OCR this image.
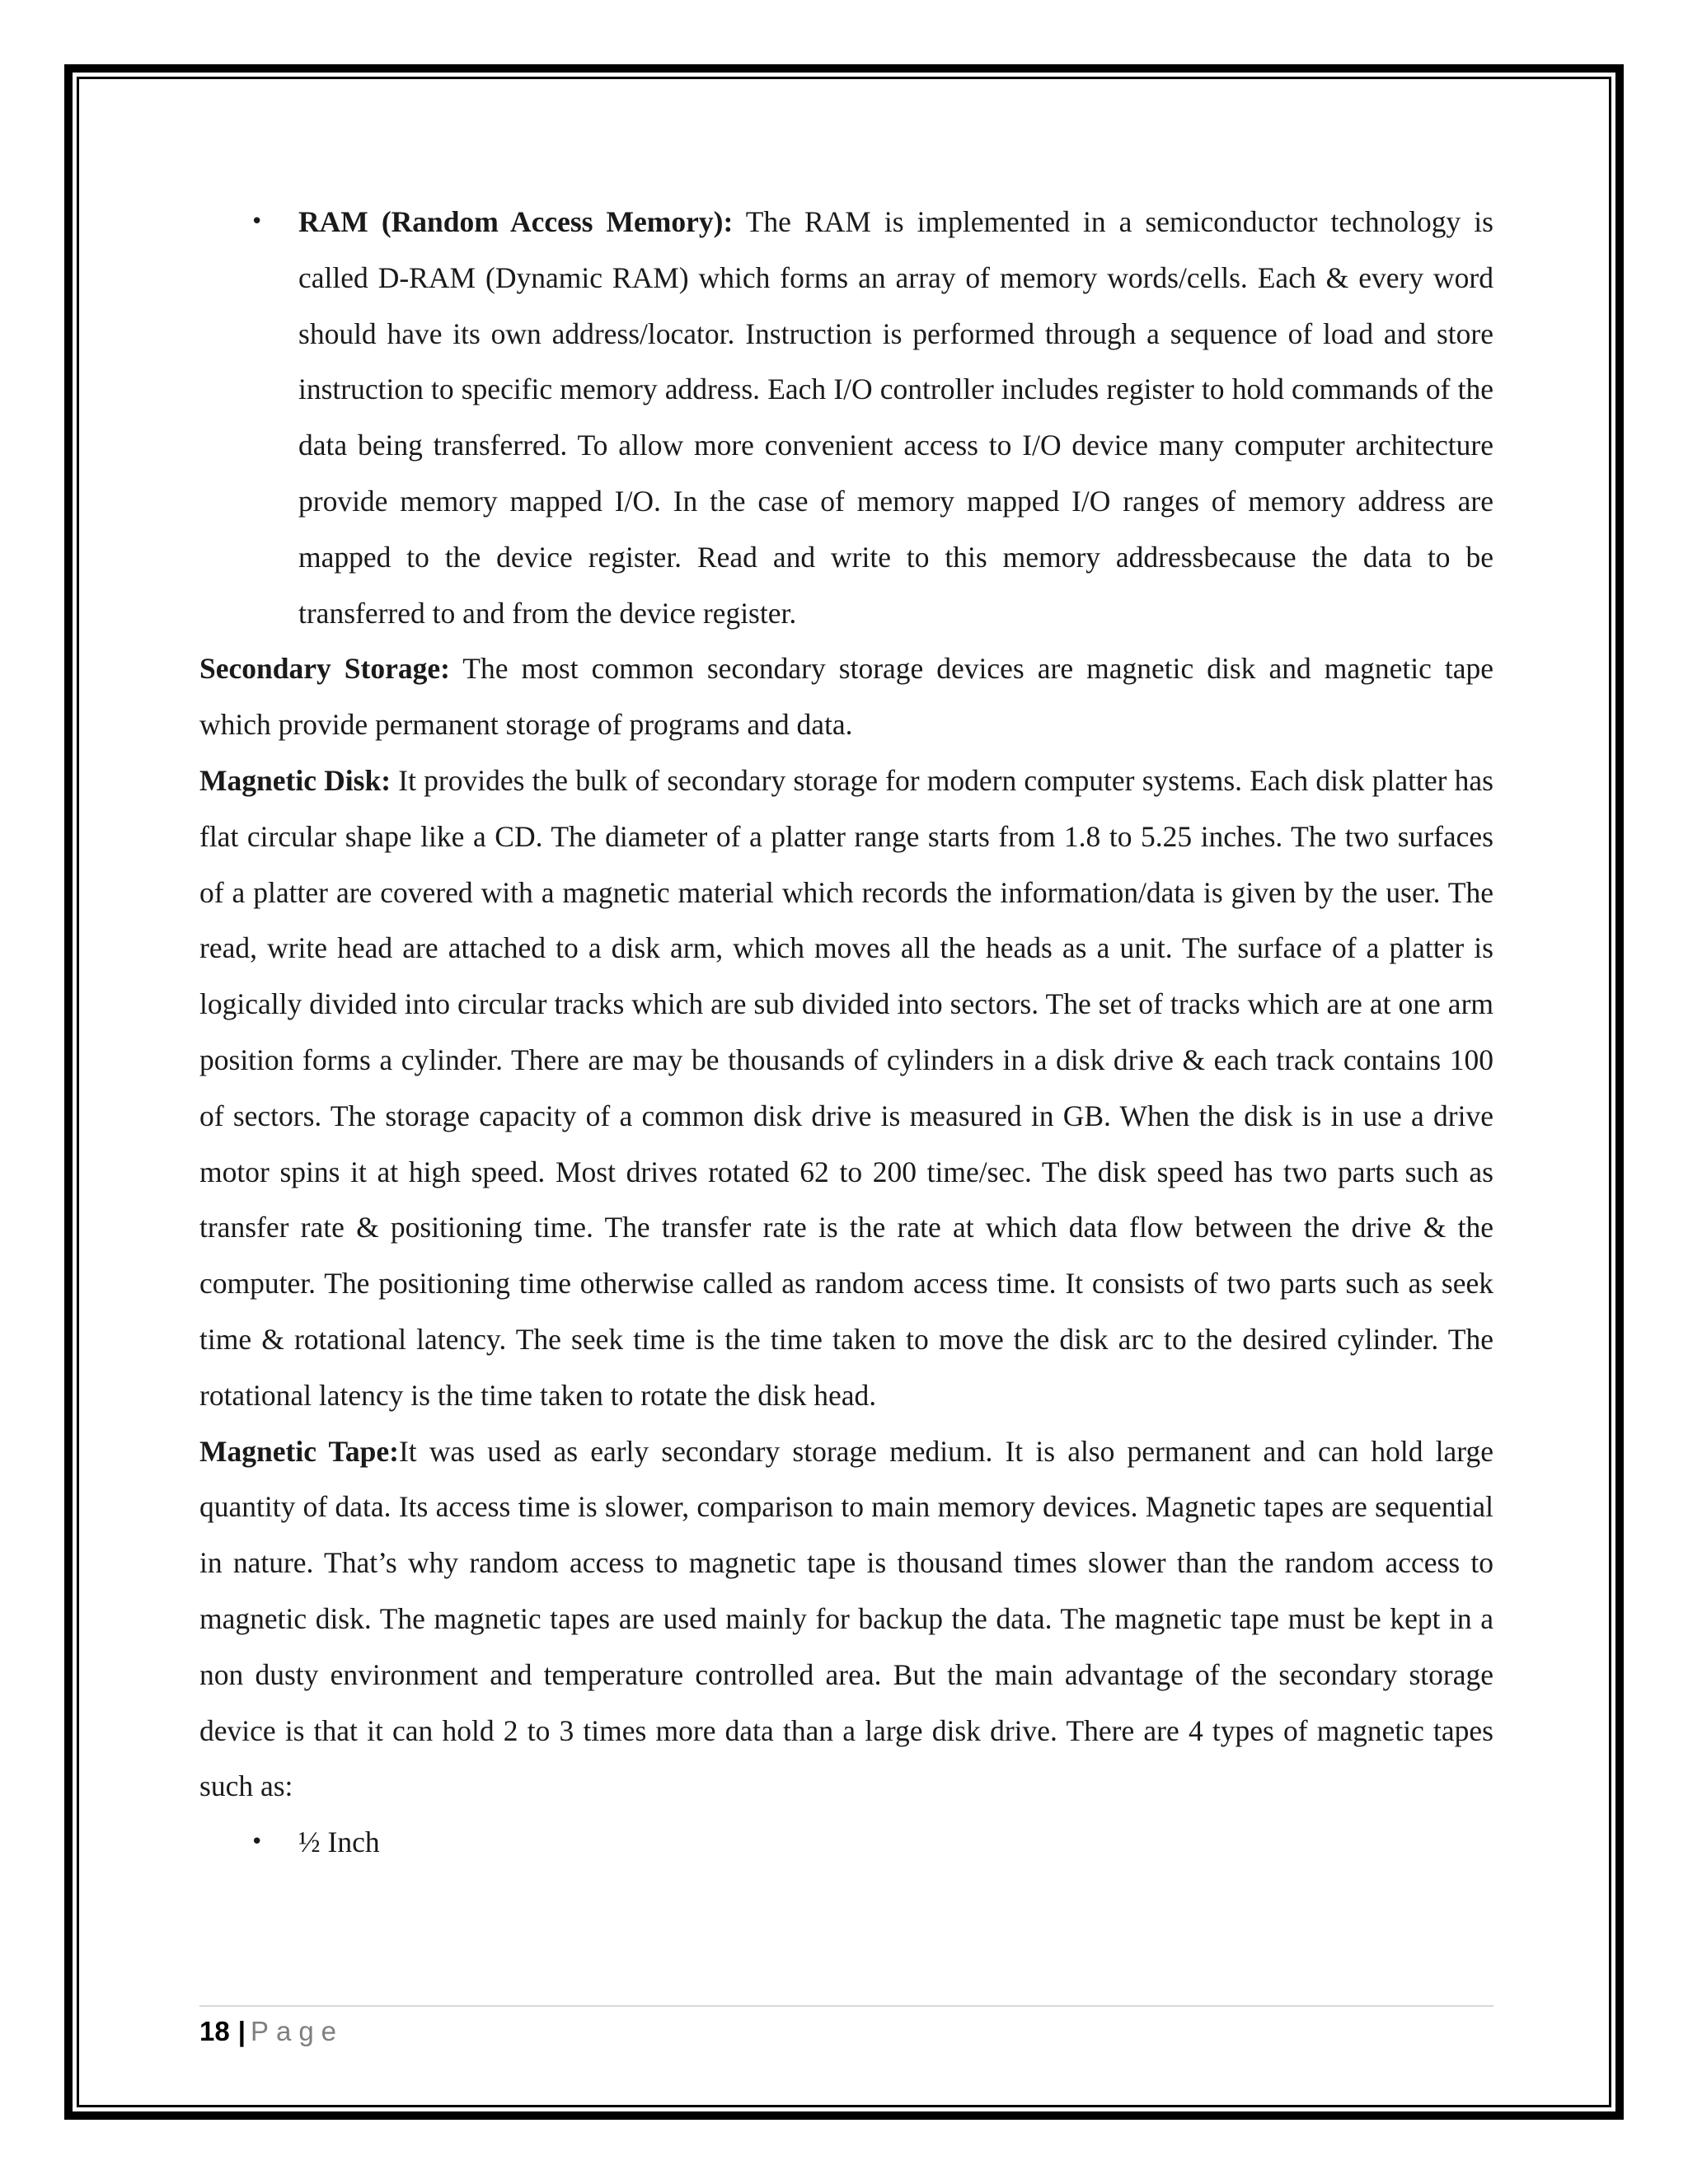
• RAM (Random Access Memory): The RAM is implemented in a semiconductor technology is called D-RAM (Dynamic RAM) which forms an array of memory words/cells. Each & every word should have its own address/locator. Instruction is performed through a sequence of load and store instruction to specific memory address. Each I/O controller includes register to hold commands of the data being transferred. To allow more convenient access to I/O device many computer architecture provide memory mapped I/O. In the case of memory mapped I/O ranges of memory address are mapped to the device register. Read and write to this memory addressbecause the data to be transferred to and from the device register.

Secondary Storage: The most common secondary storage devices are magnetic disk and magnetic tape which provide permanent storage of programs and data.

Magnetic Disk: It provides the bulk of secondary storage for modern computer systems. Each disk platter has flat circular shape like a CD. The diameter of a platter range starts from 1.8 to 5.25 inches. The two surfaces of a platter are covered with a magnetic material which records the information/data is given by the user. The read, write head are attached to a disk arm, which moves all the heads as a unit. The surface of a platter is logically divided into circular tracks which are sub divided into sectors. The set of tracks which are at one arm position forms a cylinder. There are may be thousands of cylinders in a disk drive & each track contains 100 of sectors. The storage capacity of a common disk drive is measured in GB. When the disk is in use a drive motor spins it at high speed. Most drives rotated 62 to 200 time/sec. The disk speed has two parts such as transfer rate & positioning time. The transfer rate is the rate at which data flow between the drive & the computer. The positioning time otherwise called as random access time. It consists of two parts such as seek time & rotational latency. The seek time is the time taken to move the disk arc to the desired cylinder. The rotational latency is the time taken to rotate the disk head.

Magnetic Tape:It was used as early secondary storage medium. It is also permanent and can hold large quantity of data. Its access time is slower, comparison to main memory devices. Magnetic tapes are sequential in nature. That’s why random access to magnetic tape is thousand times slower than the random access to magnetic disk. The magnetic tapes are used mainly for backup the data. The magnetic tape must be kept in a non dusty environment and temperature controlled area. But the main advantage of the secondary storage device is that it can hold 2 to 3 times more data than a large disk drive. There are 4 types of magnetic tapes such as:

• ½ Inch

18 | Page
